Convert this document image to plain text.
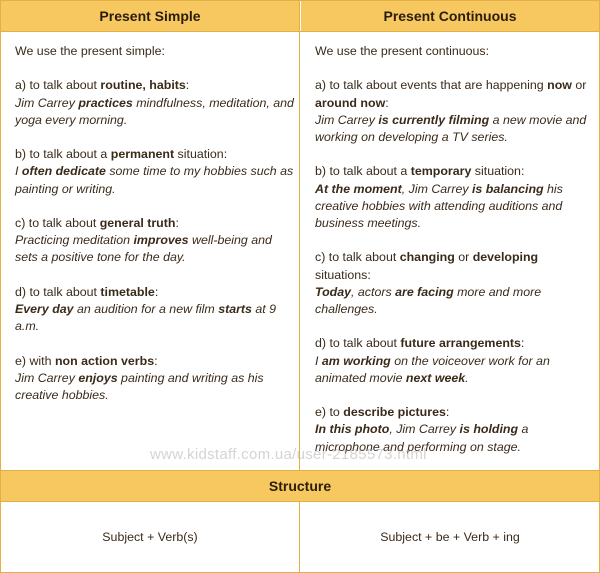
Present Simple	Present Continuous

We use the present simple:

a) to talk about routine, habits:
Jim Carrey practices mindfulness, meditation, and yoga every morning.

b) to talk about a permanent situation:
I often dedicate some time to my hobbies such as painting or writing.

c) to talk about general truth:
Practicing meditation improves well-being and sets a positive tone for the day.

d) to talk about timetable:
Every day an audition for a new film starts at 9 a.m.

e) with non action verbs:
Jim Carrey enjoys painting and writing as his creative hobbies.

We use the present continuous:

a) to talk about events that are happening now or around now:
Jim Carrey is currently filming a new movie and working on developing a TV series.

b) to talk about a temporary situation:
At the moment, Jim Carrey is balancing his creative hobbies with attending auditions and business meetings.

c) to talk about changing or developing situations:
Today, actors are facing more and more challenges.

d) to talk about future arrangements:
I am working on the voiceover work for an animated movie next week.

e) to describe pictures:
In this photo, Jim Carrey is holding a microphone and performing on stage.

www.kidstaff.com.ua/user-2185573.html
Structure
Subject + Verb(s)	Subject + be + Verb + ing
